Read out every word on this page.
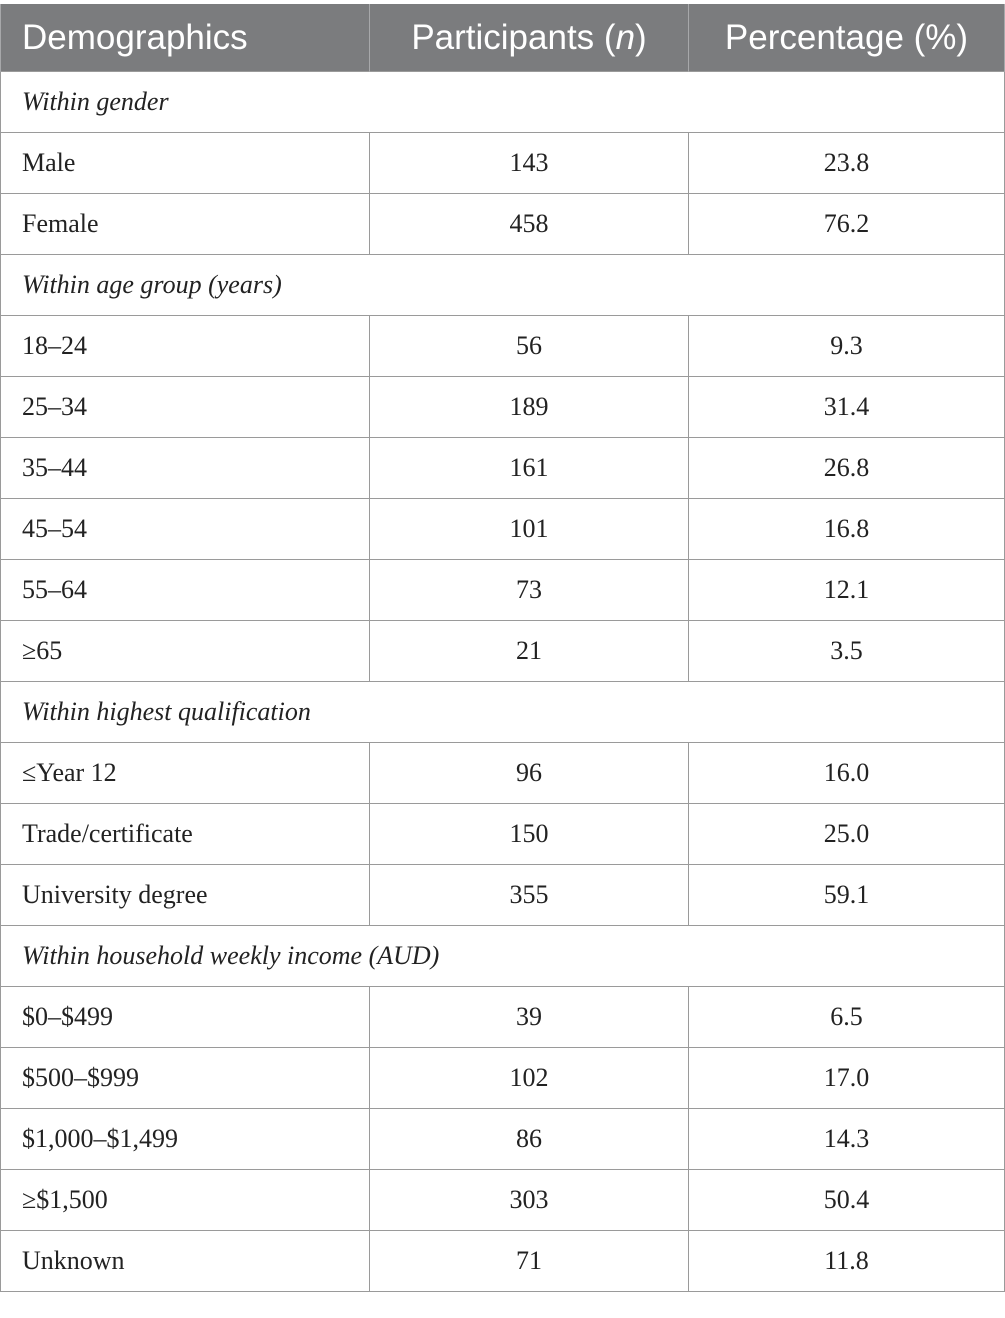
Demographics	Participants (n)	Percentage (%)
Within gender		
Male	143	23.8
Female	458	76.2
Within age group (years)		
18–24	56	9.3
25–34	189	31.4
35–44	161	26.8
45–54	101	16.8
55–64	73	12.1
≥65	21	3.5
Within highest qualification		
≤Year 12	96	16.0
Trade/certificate	150	25.0
University degree	355	59.1
Within household weekly income (AUD)		
$0–$499	39	6.5
$500–$999	102	17.0
$1,000–$1,499	86	14.3
≥$1,500	303	50.4
Unknown	71	11.8
